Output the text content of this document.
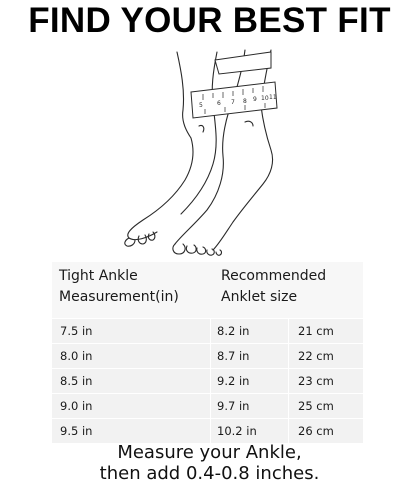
FIND YOUR BEST FIT
5 6 7 8 9 10 11
Tight Ankle
Measurement(in)
Recommended
Anklet size
7.5 in	8.2 in	21 cm
8.0 in	8.7 in	22 cm
8.5 in	9.2 in	23 cm
9.0 in	9.7 in	25 cm
9.5 in	10.2 in	26 cm
Measure your Ankle,
then add 0.4-0.8 inches.
